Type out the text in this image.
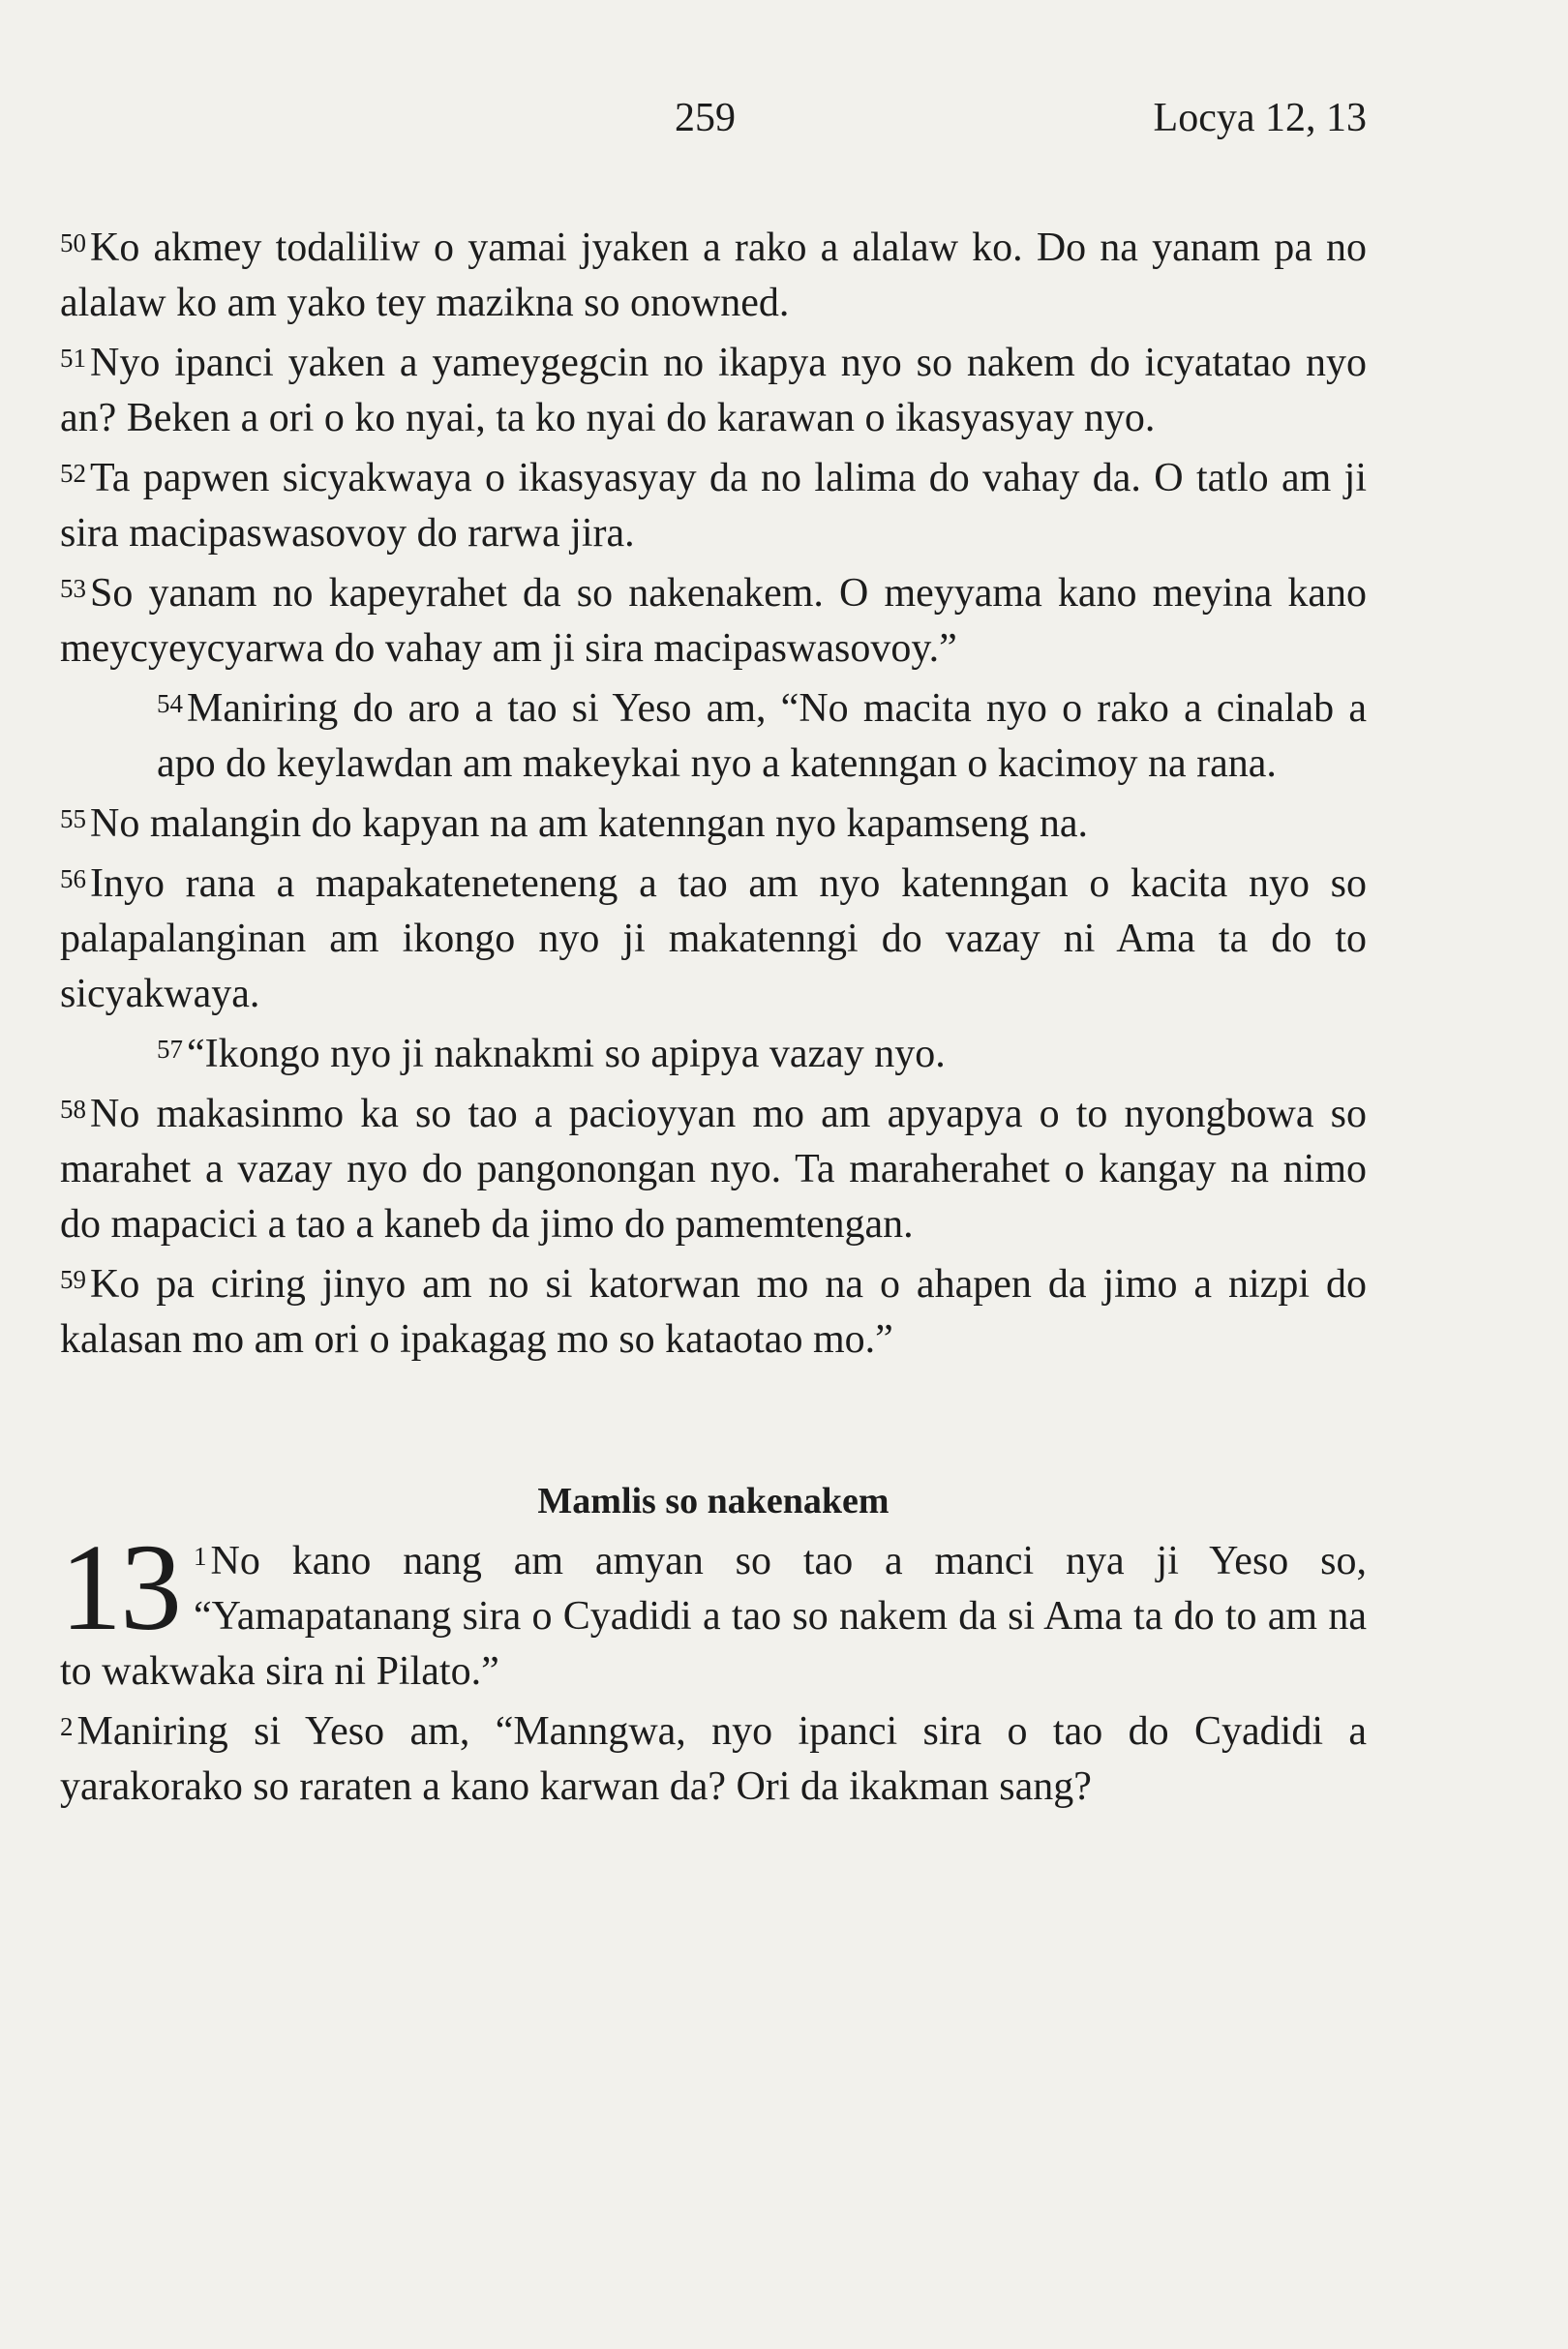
259	Locya 12, 13

$^{50}$Ko akmey todaliliw o yamai jyaken a rako a alalaw ko. Do na yanam pa no alalaw ko am yako tey mazikna so onowned.

$^{51}$Nyo ipanci yaken a yameygegcin no ikapya nyo so nakem do icyatatao nyo an? Beken a ori o ko nyai, ta ko nyai do karawan o ikasyasyay nyo.

$^{52}$Ta papwen sicyakwaya o ikasyasyay da no lalima do vahay da. O tatlo am ji sira macipaswasovoy do rarwa jira.

$^{53}$So yanam no kapeyrahet da so nakenakem. O meyyama kano meyina kano meycyeycyarwa do vahay am ji sira macipaswasovoy.”

$^{54}$Maniring do aro a tao si Yeso am, “No macita nyo o rako a cinalab a apo do keylawdan am makeykai nyo a katenngan o kacimoy na rana.

$^{55}$No malangin do kapyan na am katenngan nyo kapamseng na.

$^{56}$Inyo rana a mapakateneteneng a tao am nyo katenngan o kacita nyo so palapalanginan am ikongo nyo ji makatenngi do vazay ni Ama ta do to sicyakwaya.

$^{57}$“Ikongo nyo ji naknakmi so apipya vazay nyo.

$^{58}$No makasinmo ka so tao a pacioyyan mo am apyapya o to nyongbowa so marahet a vazay nyo do pangonongan nyo. Ta maraherahet o kangay na nimo do mapacici a tao a kaneb da jimo do pamemtengan.

$^{59}$Ko pa ciring jinyo am no si katorwan mo na o ahapen da jimo a nizpi do kalasan mo am ori o ipakagag mo so kataotao mo.”

Mamlis so nakenakem
13 $^1$No kano nang am amyan so tao a manci nya ji Yeso so, “Yamapatanang sira o Cyadidi a tao so nakem da si Ama ta do to am na to wakwaka sira ni Pilato.”

$^2$Maniring si Yeso am, “Manngwa, nyo ipanci sira o tao do Cyadidi a yarakorako so raraten a kano karwan da? Ori da ikakman sang?
